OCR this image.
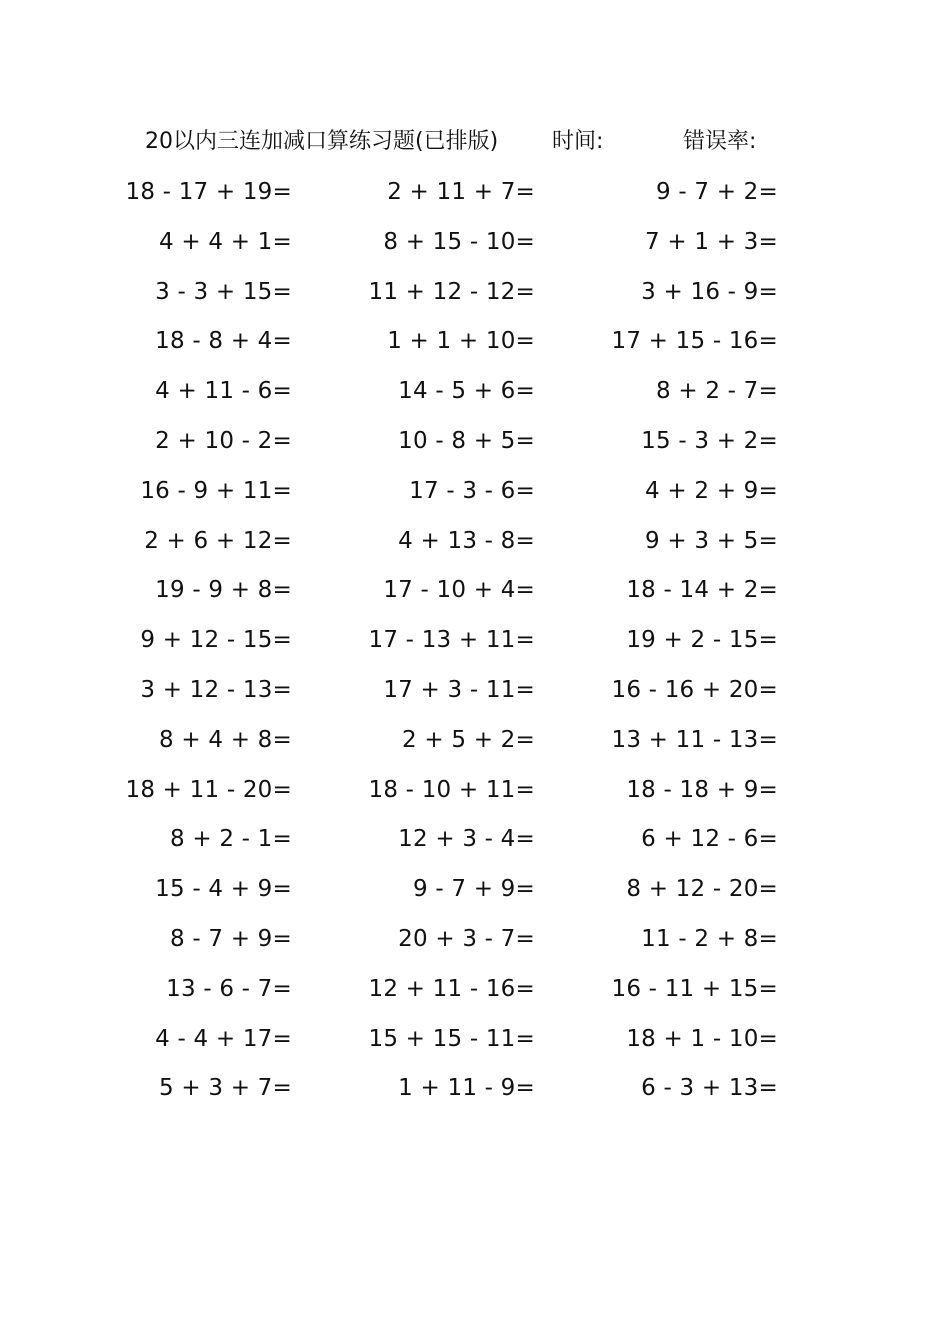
20以内三连加减口算练习题(已排版) 时间:	错误率:
18 - 17 + 19=
4 + 4 + 1=
3 - 3 + 15=
18 - 8 + 4=
4 + 11 - 6=
2 + 10 - 2=
16 - 9 + 11=
2 + 6 + 12=
19 - 9 + 8=
9 + 12 - 15=
3 + 12 - 13=
8 + 4 + 8=
18 + 11 - 20=
8 + 2 - 1=
15 - 4 + 9=
8 - 7 + 9=
13 - 6 - 7=
4 - 4 + 17=
5 + 3 + 7=
2 + 11 + 7=
8 + 15 - 10=
11 + 12 - 12=
1 + 1 + 10=
14 - 5 + 6=
10 - 8 + 5=
17 - 3 - 6=
4 + 13 - 8=
17 - 10 + 4=
17 - 13 + 11=
17 + 3 - 11=
2 + 5 + 2=
18 - 10 + 11=
12 + 3 - 4=
9 - 7 + 9=
20 + 3 - 7=
12 + 11 - 16=
15 + 15 - 11=
1 + 11 - 9=
9 - 7 + 2=
7 + 1 + 3=
3 + 16 - 9=
17 + 15 - 16=
8 + 2 - 7=
15 - 3 + 2=
4 + 2 + 9=
9 + 3 + 5=
18 - 14 + 2=
19 + 2 - 15=
16 - 16 + 20=
13 + 11 - 13=
18 - 18 + 9=
6 + 12 - 6=
8 + 12 - 20=
11 - 2 + 8=
16 - 11 + 15=
18 + 1 - 10=
6 - 3 + 13=
